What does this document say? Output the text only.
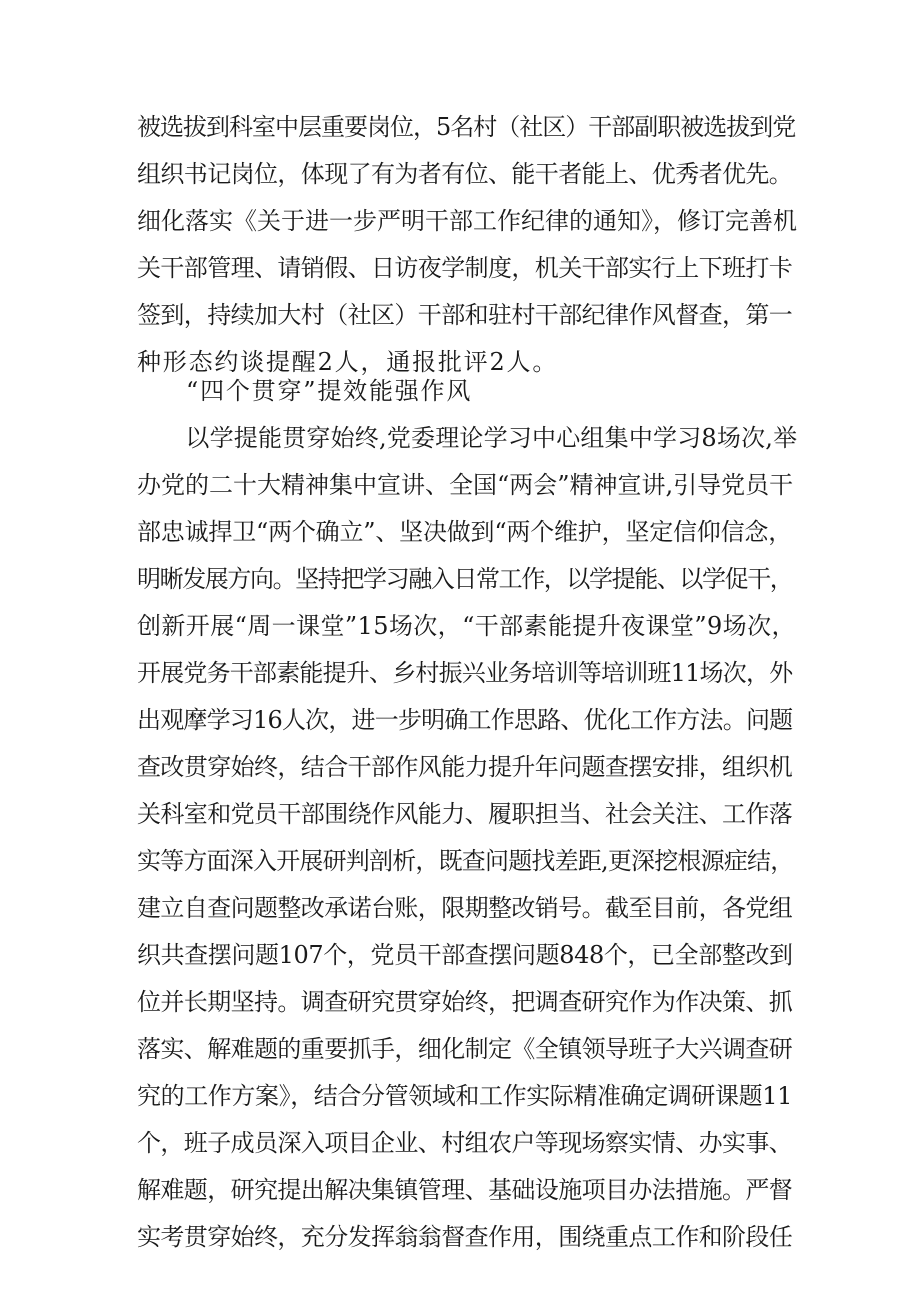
被选拔到科室中层重要岗位，5名村（社区）干部副职被选拔到党
组织书记岗位，体现了有为者有位、能干者能上、优秀者优先。
细化落实《关于进一步严明干部工作纪律的通知》，修订完善机
关干部管理、请销假、日访夜学制度，机关干部实行上下班打卡
签到，持续加大村（社区）干部和驻村干部纪律作风督查，第一
种形态约谈提醒2人，通报批评2人。
“四个贯穿”提效能强作风
　　以学提能贯穿始终,党委理论学习中心组集中学习8场次,举
办党的二十大精神集中宣讲、全国“两会”精神宣讲,引导党员干
部忠诚捍卫“两个确立”、坚决做到“两个维护，坚定信仰信念，
明晰发展方向。坚持把学习融入日常工作，以学提能、以学促干，
创新开展“周一课堂”15场次，“干部素能提升夜课堂”9场次，
开展党务干部素能提升、乡村振兴业务培训等培训班11场次，外
出观摩学习16人次，进一步明确工作思路、优化工作方法。问题
查改贯穿始终，结合干部作风能力提升年问题查摆安排，组织机
关科室和党员干部围绕作风能力、履职担当、社会关注、工作落
实等方面深入开展研判剖析，既查问题找差距,更深挖根源症结，
建立自查问题整改承诺台账，限期整改销号。截至目前，各党组
织共查摆问题107个，党员干部查摆问题848个，已全部整改到
位并长期坚持。调查研究贯穿始终，把调查研究作为作决策、抓
落实、解难题的重要抓手，细化制定《全镇领导班子大兴调查研
究的工作方案》，结合分管领域和工作实际精准确定调研课题11
个，班子成员深入项目企业、村组农户等现场察实情、办实事、
解难题，研究提出解决集镇管理、基础设施项目办法措施。严督
实考贯穿始终，充分发挥翁翁督查作用，围绕重点工作和阶段任
